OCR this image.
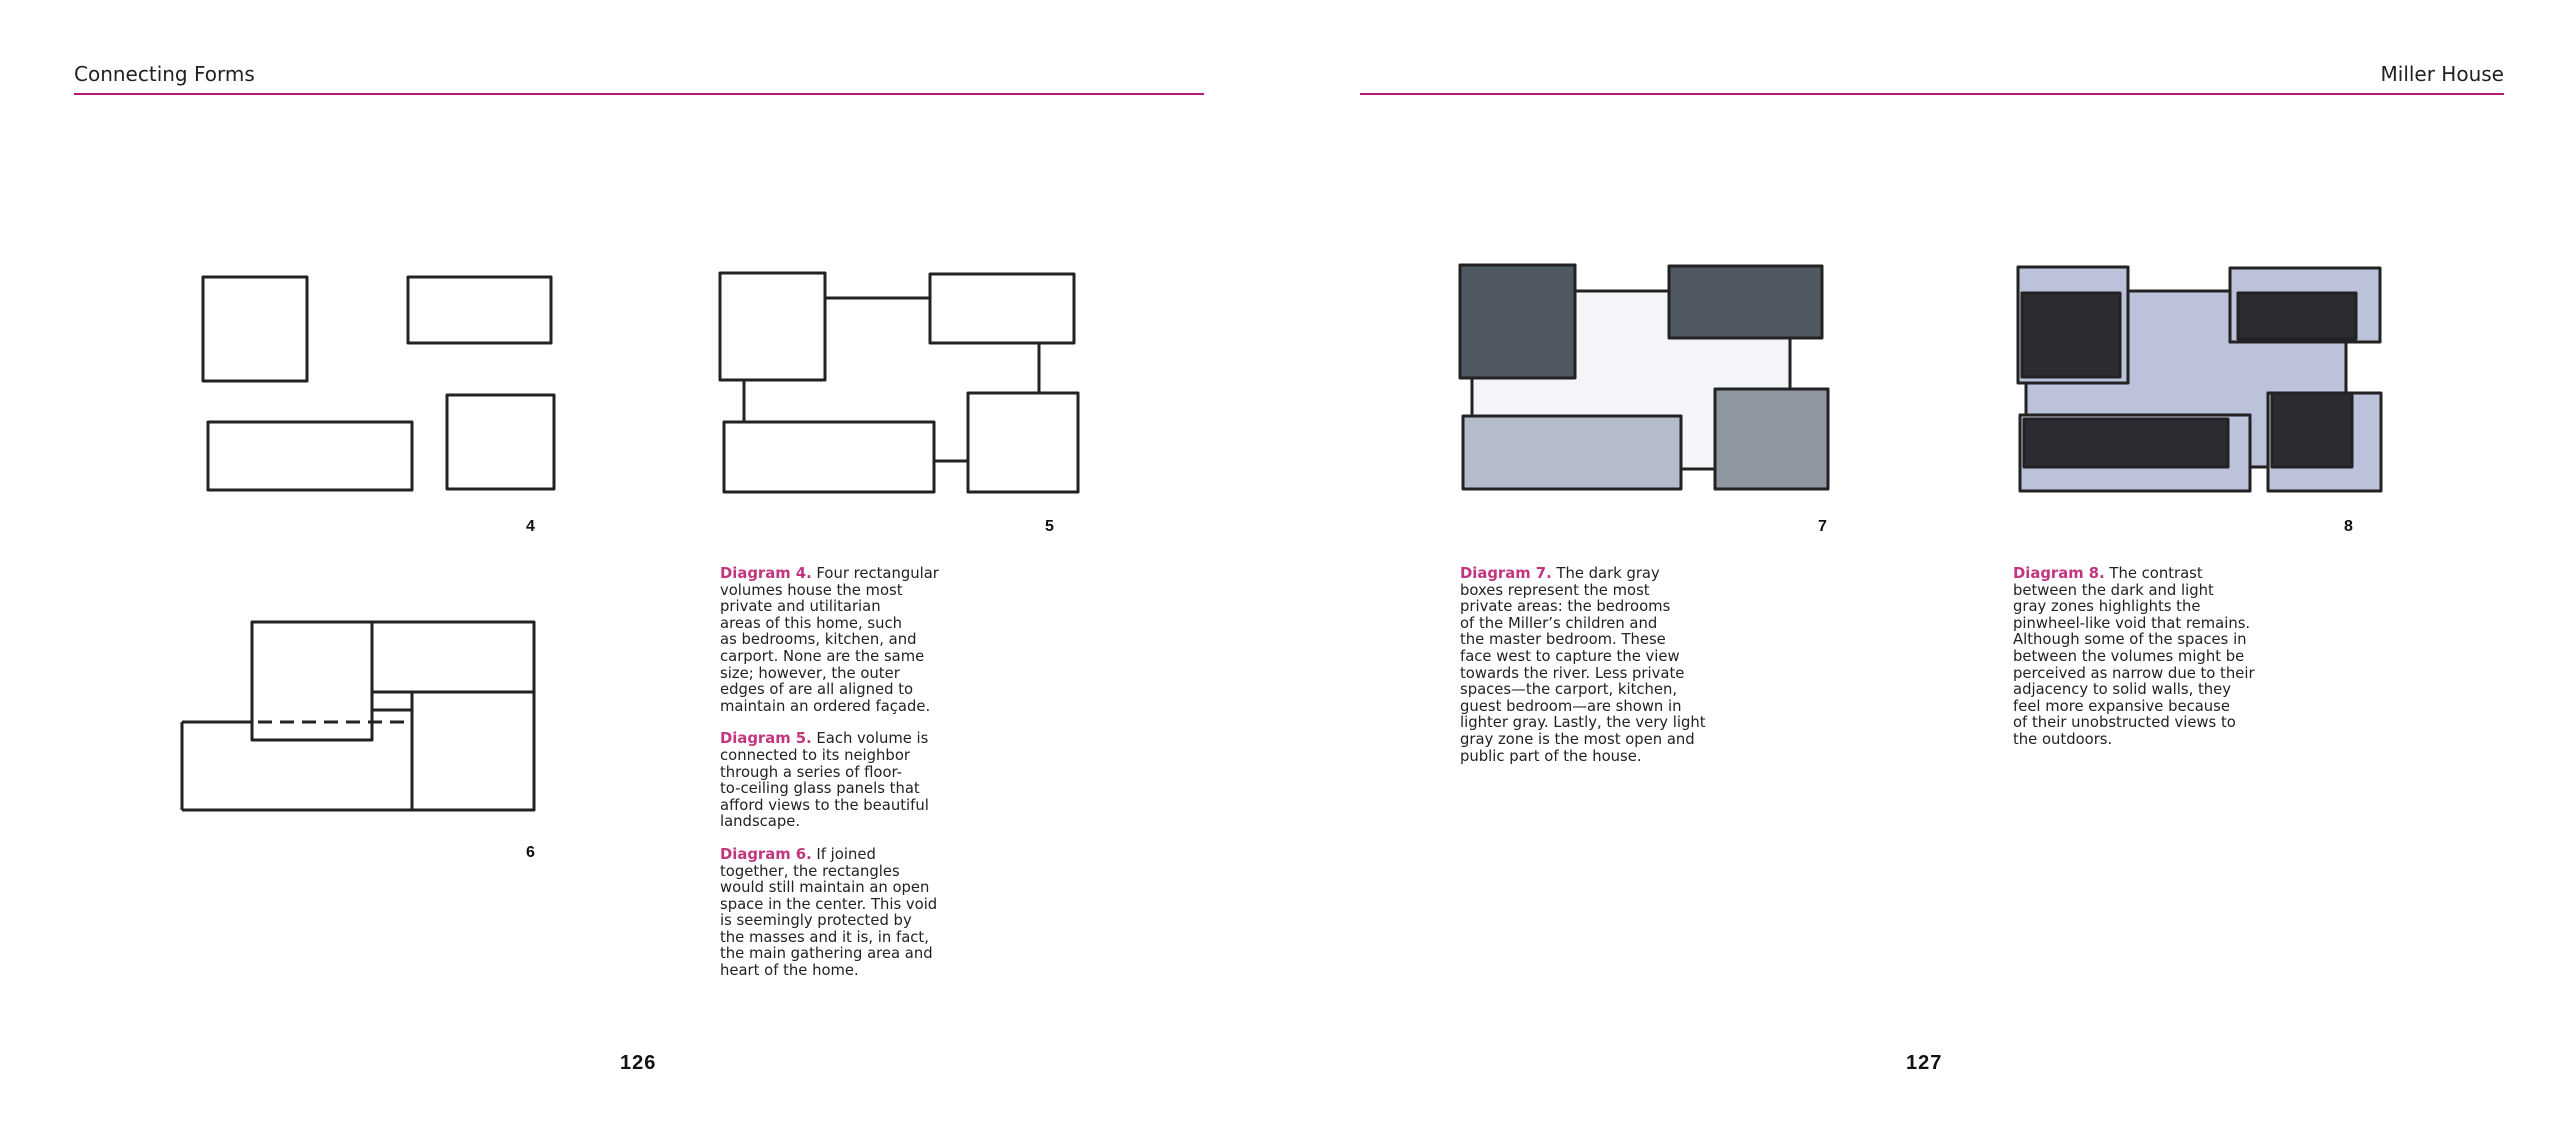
Connecting Forms
4	5
6

Diagram 4. Four rectangular
volumes house the most
private and utilitarian
areas of this home, such
as bedrooms, kitchen, and
carport. None are the same
size; however, the outer
edges of are all aligned to
maintain an ordered façade.

Diagram 5. Each volume is
connected to its neighbor
through a series of floor-
to-ceiling glass panels that
afford views to the beautiful
landscape.

Diagram 6. If joined
together, the rectangles
would still maintain an open
space in the center. This void
is seemingly protected by
the masses and it is, in fact,
the main gathering area and
heart of the home.

126
Miller House
7	8

Diagram 7. The dark gray
boxes represent the most
private areas: the bedrooms
of the Miller’s children and
the master bedroom. These
face west to capture the view
towards the river. Less private
spaces—the carport, kitchen,
guest bedroom—are shown in
lighter gray. Lastly, the very light
gray zone is the most open and
public part of the house.

Diagram 8. The contrast
between the dark and light
gray zones highlights the
pinwheel-like void that remains.
Although some of the spaces in
between the volumes might be
perceived as narrow due to their
adjacency to solid walls, they
feel more expansive because
of their unobstructed views to
the outdoors.

127
